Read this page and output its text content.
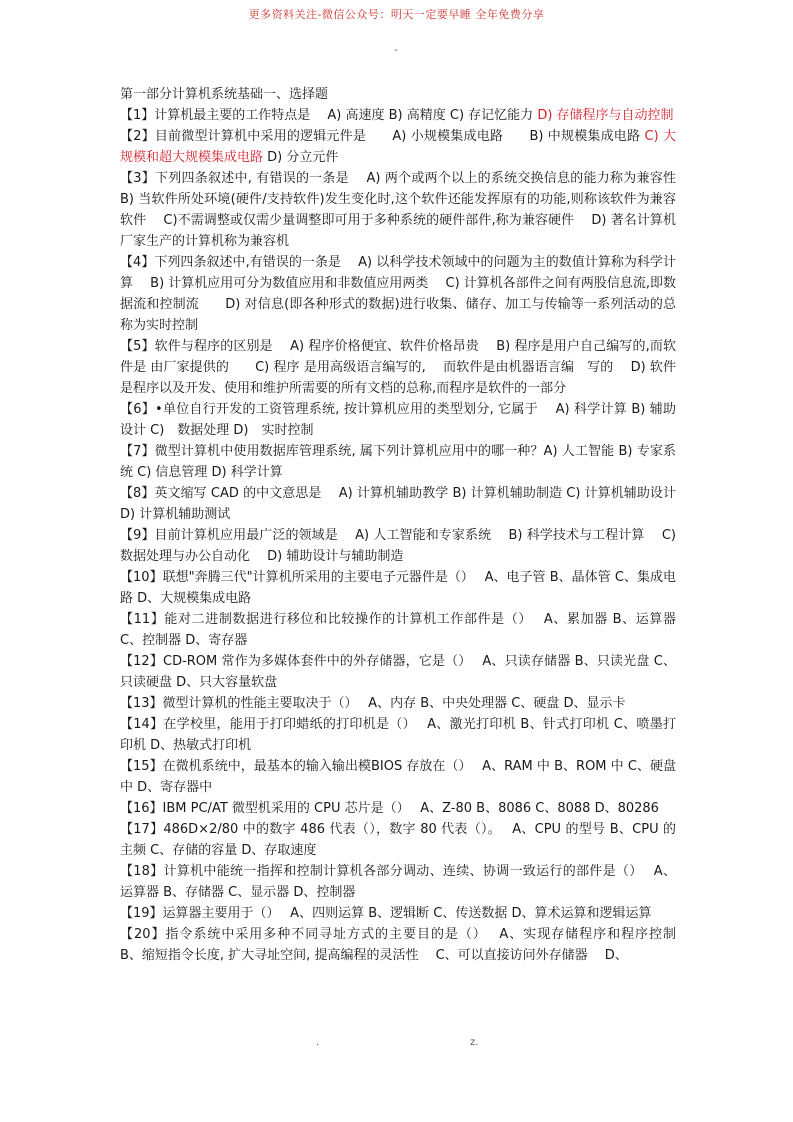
更多资料关注-微信公众号：明天一定要早睡 全年免费分享
-

第一部分计算机系统基础一、选择题

【1】计算机最主要的工作特点是　 A) 高速度 B) 高精度 C) 存记忆能力 D) 存储程序与自动控制

【2】目前微型计算机中采用的逻辑元件是　　A) 小规模集成电路　　B) 中规模集成电路 C) 大规模和超大规模集成电路 D) 分立元件

【3】下列四条叙述中, 有错误的一条是　 A) 两个或两个以上的系统交换信息的能力称为兼容性　 B) 当软件所处环境(硬件/支持软件)发生变化时,这个软件还能发挥原有的功能,则称该软件为兼容软件　 C)不需调整或仅需少量调整即可用于多种系统的硬件部件,称为兼容硬件　 D) 著名计算机厂家生产的计算机称为兼容机

【4】下列四条叙述中,有错误的一条是　 A) 以科学技术领域中的问题为主的数值计算称为科学计算　 B) 计算机应用可分为数值应用和非数值应用两类　 C) 计算机各部件之间有两股信息流,即数据流和控制流　　D) 对信息(即各种形式的数据)进行收集、储存、加工与传输等一系列活动的总称为实时控制

【5】软件与程序的区别是　 A) 程序价格便宜、软件价格昂贵　 B) 程序是用户自己编写的,而软件是 由厂家提供的　　C) 程序 是用高级语言编写的,　 而软件是由机器语言编　写的　 D) 软件是程序以及开发、使用和维护所需要的所有文档的总称,而程序是软件的一部分

【6】•单位自行开发的工资管理系统, 按计算机应用的类型划分, 它属于　 A) 科学计算 B) 辅助设计 C)　数据处理 D)　实时控制

【7】微型计算机中使用数据库管理系统, 属下列计算机应用中的哪一种？A) 人工智能 B) 专家系统 C) 信息管理 D) 科学计算

【8】英文缩写 CAD 的中文意思是　 A) 计算机辅助教学 B) 计算机辅助制造 C) 计算机辅助设计 D) 计算机辅助测试

【9】目前计算机应用最广泛的领域是　 A) 人工智能和专家系统　 B) 科学技术与工程计算　 C) 数据处理与办公自动化　 D) 辅助设计与辅助制造

【10】联想"奔腾三代"计算机所采用的主要电子元器件是（）　 A、电子管 B、晶体管 C、集成电路 D、大规模集成电路

【11】能对二进制数据进行移位和比较操作的计算机工作部件是（）　 A、累加器 B、运算器 C、控制器 D、寄存器

【12】CD-ROM 常作为多媒体套件中的外存储器，它是（）　 A、只读存储器 B、只读光盘 C、只读硬盘 D、只大容量软盘

【13】微型计算机的性能主要取决于（）　 A、内存 B、中央处理器 C、硬盘 D、显示卡

【14】在学校里，能用于打印蜡纸的打印机是（）　 A、激光打印机 B、针式打印机 C、喷墨打印机 D、热敏式打印机

【15】在微机系统中，最基本的输入输出模BIOS 存放在（）　 A、RAM 中 B、ROM 中 C、硬盘中 D、寄存器中

【16】IBM PC/AT 微型机采用的 CPU 芯片是（）　 A、Z-80 B、8086 C、8088 D、80286

【17】486D×2/80 中的数字 486 代表（），数字 80 代表（）。　 A、CPU 的型号 B、CPU 的主频 C、存储的容量 D、存取速度

【18】计算机中能统一指挥和控制计算机各部分调动、连续、协调一致运行的部件是（）　 A、运算器 B、存储器 C、显示器 D、控制器

【19】运算器主要用于（）　 A、四则运算 B、逻辑断 C、传送数据 D、算术运算和逻辑运算

【20】指令系统中采用多种不同寻址方式的主要目的是（）　 A、实现存储程序和程序控制　 B、缩短指令长度, 扩大寻址空间, 提高编程的灵活性　 C、可以直接访问外存储器　 D、

.	z.
